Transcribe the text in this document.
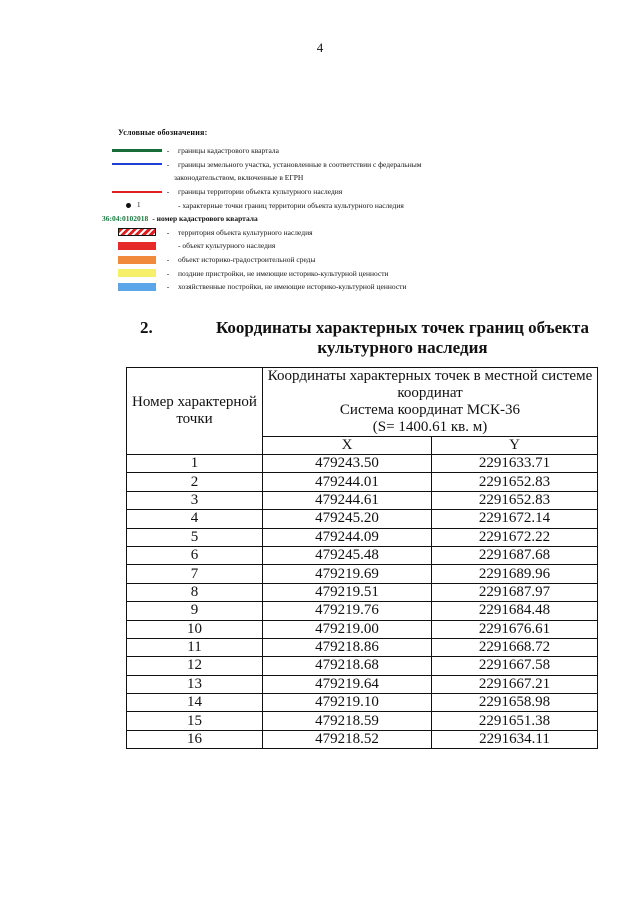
4
Условные обозначения:
-	границы кадастрового квартала
-	границы земельного участка, установленные в соответствии с федеральным
законодательством, включенные в ЕГРН
-	границы территории объекта культурного наследия
1	- характерные точки границ территории объекта культурного наследия
36:04:0102018 - номер кадастрового квартала
-	территория объекта культурного наследия
- объект культурного наследия
-	объект историко-градостроительной среды
-	поздние пристройки, не имеющие историко-культурной ценности
-	хозяйственные постройки, не имеющие историко-культурной ценности
2.	Координаты характерных точек границ объекта культурного наследия
Номер характерной точки	Координаты характерных точек в местной системе координат
Система координат МСК-36
(S= 1400.61 кв. м)	

	X	Y
1	479243.50	2291633.71
2	479244.01	2291652.83
3	479244.61	2291652.83
4	479245.20	2291672.14
5	479244.09	2291672.22
6	479245.48	2291687.68
7	479219.69	2291689.96
8	479219.51	2291687.97
9	479219.76	2291684.48
10	479219.00	2291676.61
11	479218.86	2291668.72
12	479218.68	2291667.58
13	479219.64	2291667.21
14	479219.10	2291658.98
15	479218.59	2291651.38
16	479218.52	2291634.11
